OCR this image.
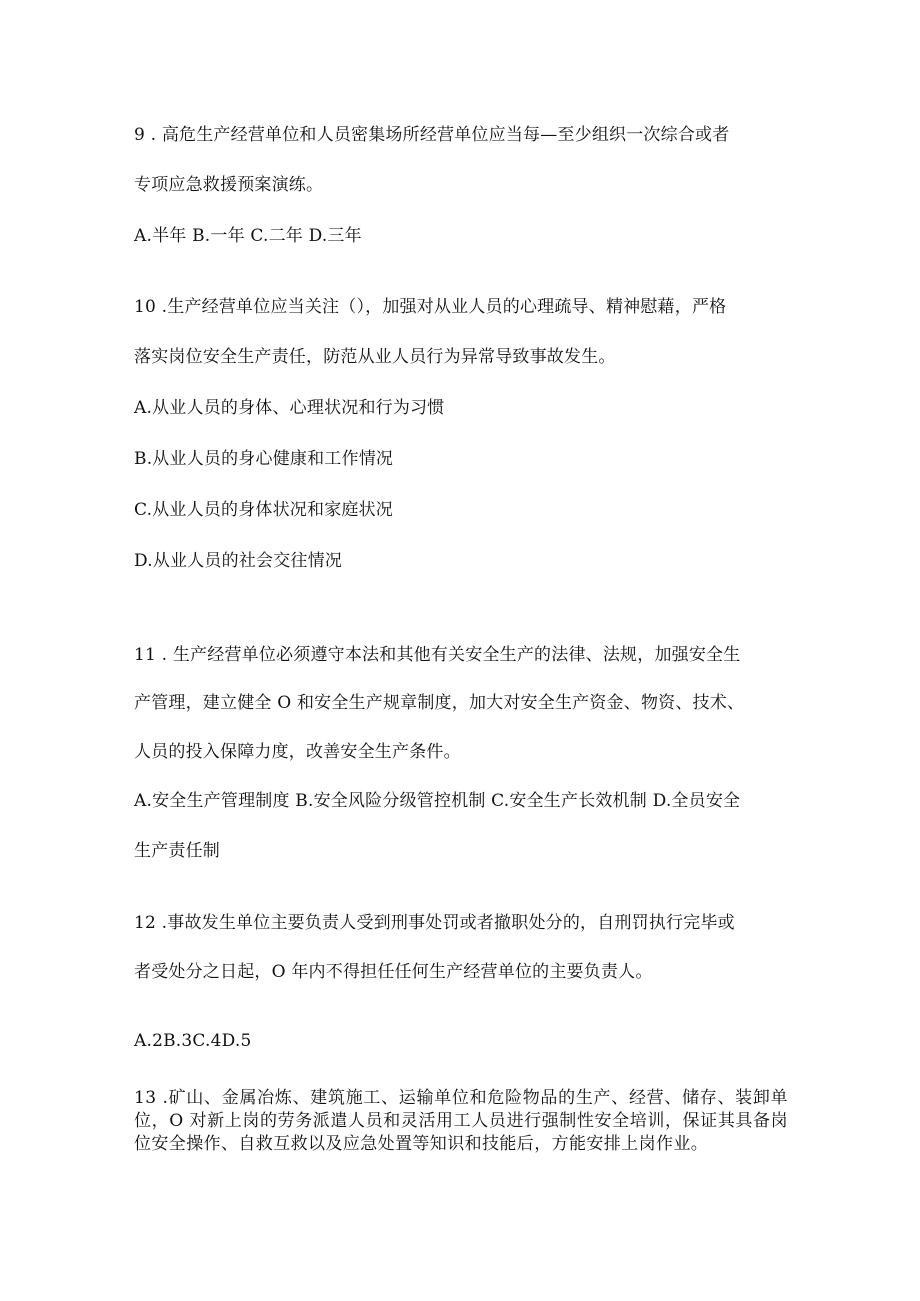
9 . 高危生产经营单位和人员密集场所经营单位应当每—至少组织一次综合或者
专项应急救援预案演练。
A.半年 B.一年 C.二年 D.三年
10 .生产经营单位应当关注（），加强对从业人员的心理疏导、精神慰藉，严格
落实岗位安全生产责任，防范从业人员行为异常导致事故发生。
A.从业人员的身体、心理状况和行为习惯
B.从业人员的身心健康和工作情况
C.从业人员的身体状况和家庭状况
D.从业人员的社会交往情况
11 . 生产经营单位必须遵守本法和其他有关安全生产的法律、法规，加强安全生
产管理，建立健全 O 和安全生产规章制度，加大对安全生产资金、物资、技术、
人员的投入保障力度，改善安全生产条件。
A.安全生产管理制度 B.安全风险分级管控机制 C.安全生产长效机制 D.全员安全
生产责任制
12 .事故发生单位主要负责人受到刑事处罚或者撤职处分的，自刑罚执行完毕或
者受处分之日起，O 年内不得担任任何生产经营单位的主要负责人。
A.2B.3C.4D.5
13 .矿山、金属冶炼、建筑施工、运输单位和危险物品的生产、经营、储存、装卸单位，O 对新上岗的劳务派遣人员和灵活用工人员进行强制性安全培训，保证其具备岗位安全操作、自救互救以及应急处置等知识和技能后，方能安排上岗作业。
